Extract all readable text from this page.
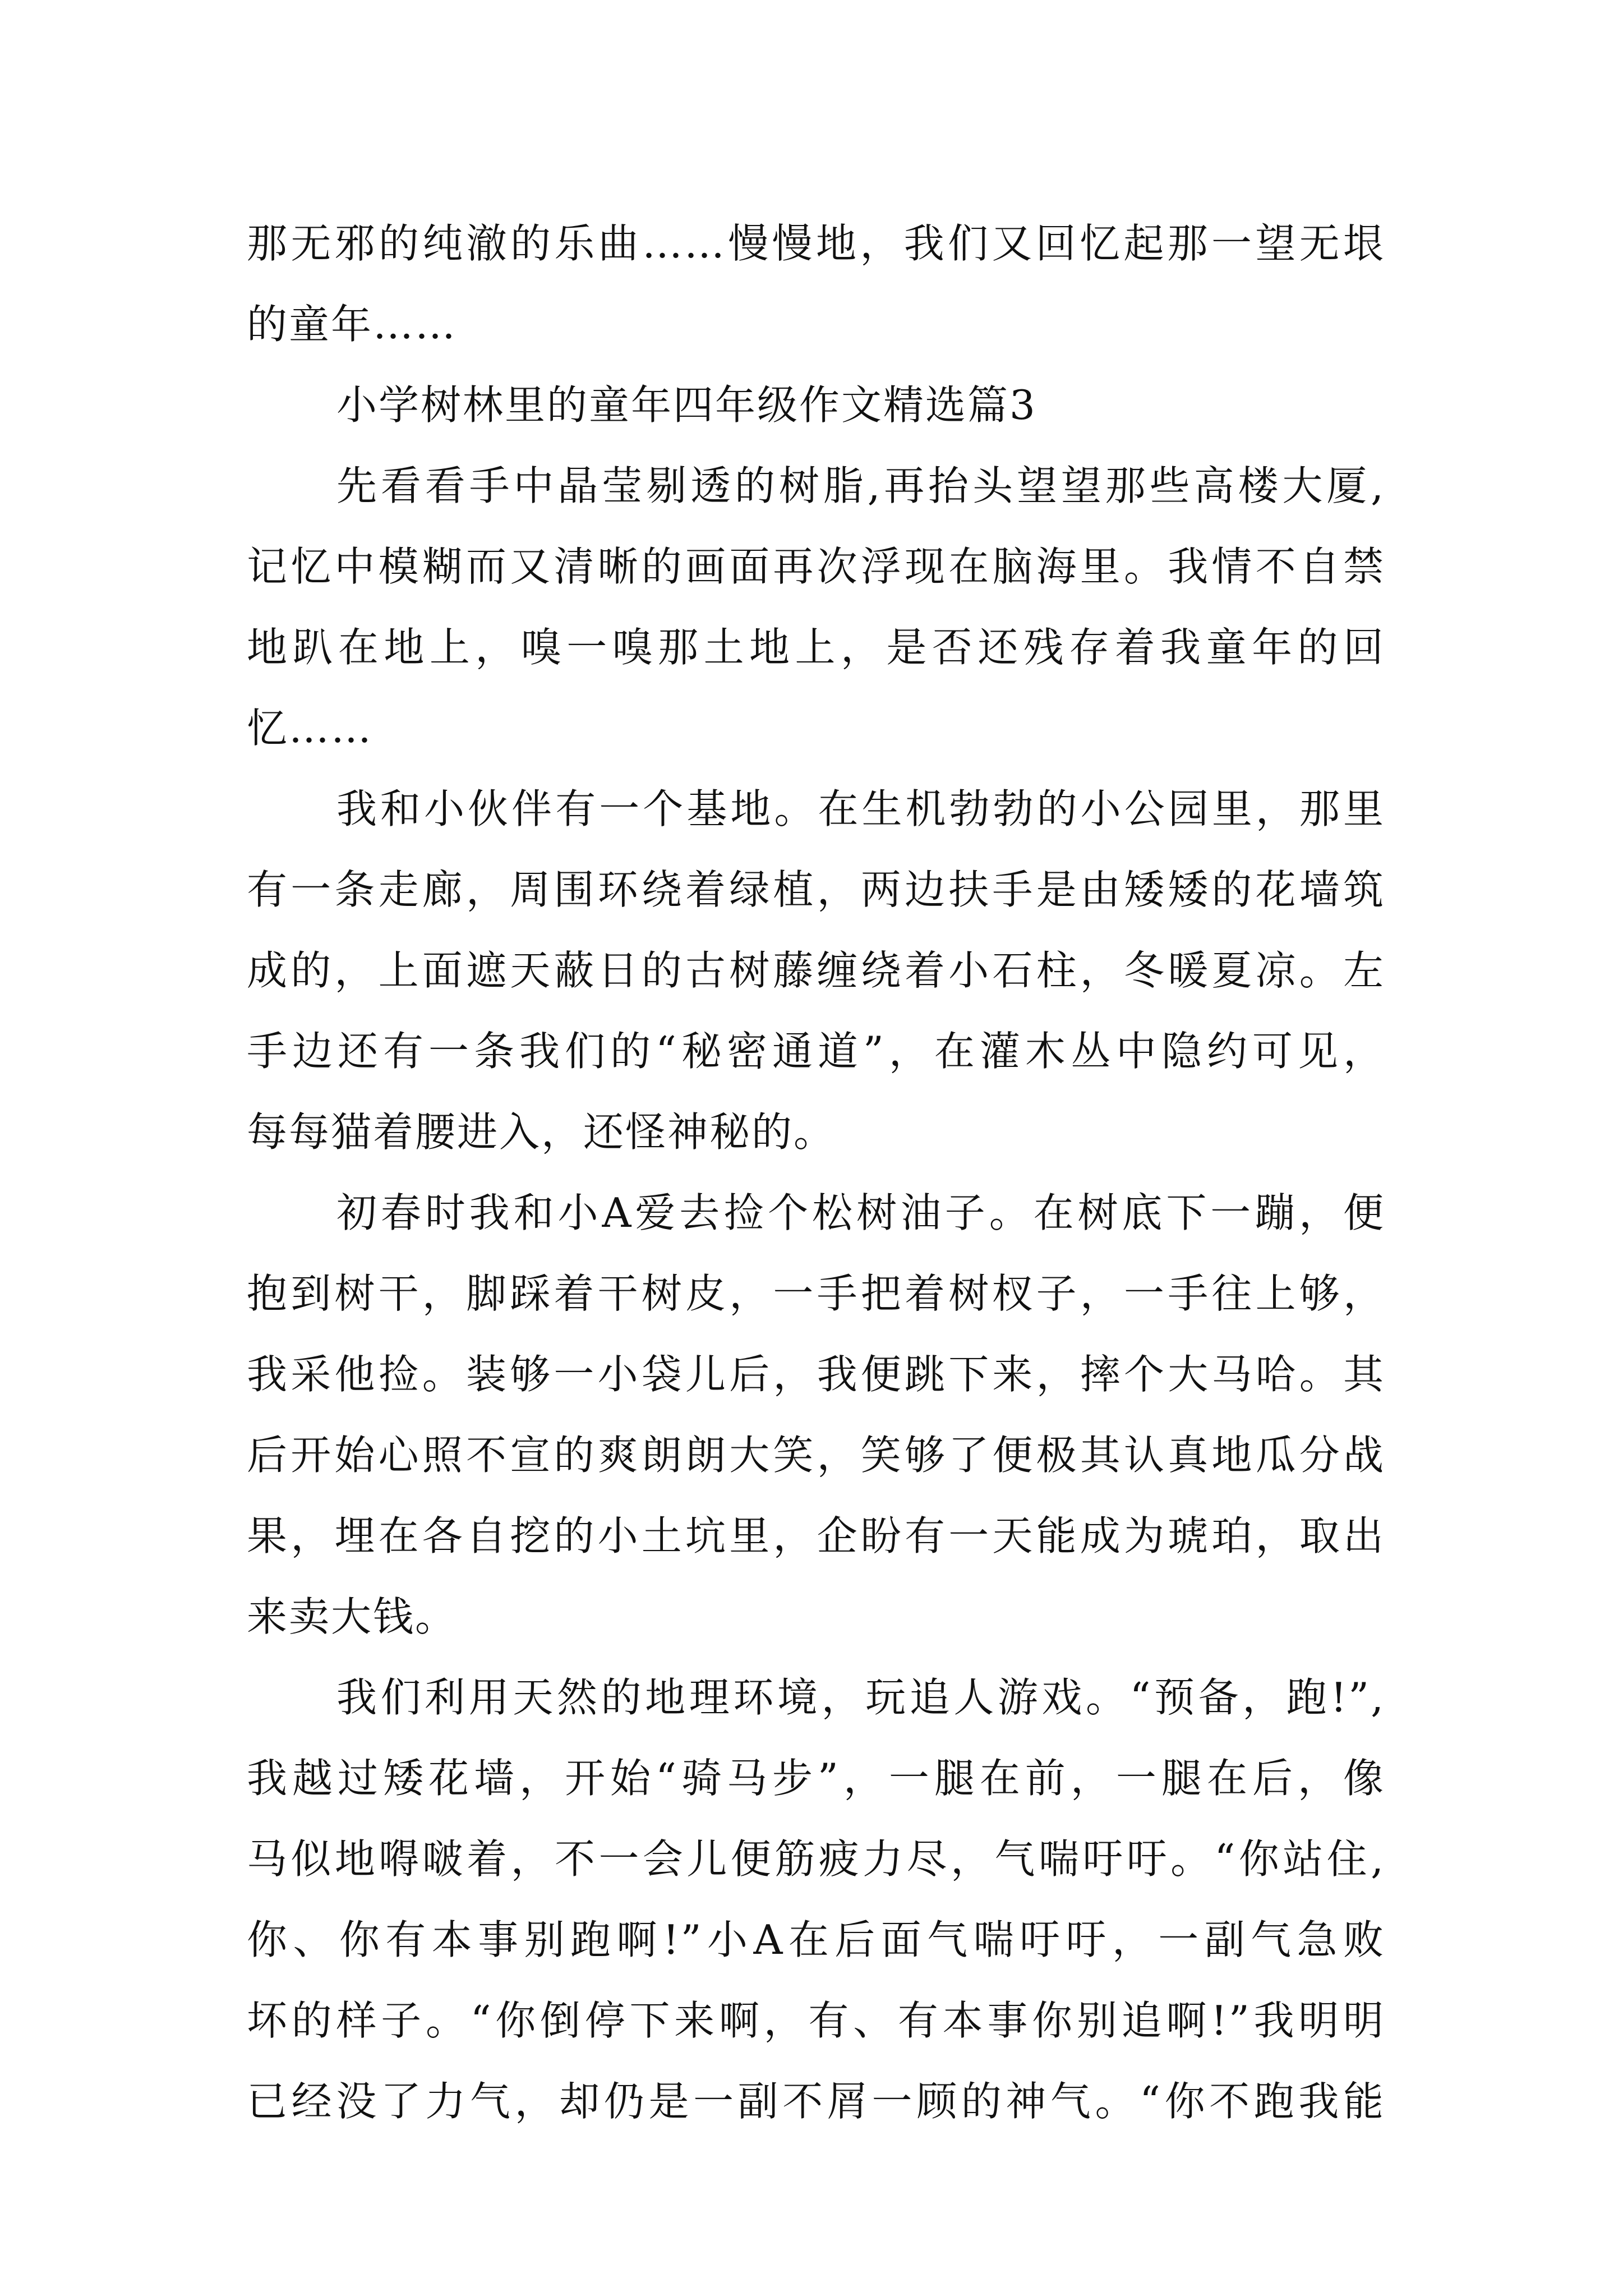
那无邪的纯澈的乐曲……慢慢地，我们又回忆起那一望无垠
的童年……
小学树林里的童年四年级作文精选篇3
先看看手中晶莹剔透的树脂,再抬头望望那些高楼大厦,
记忆中模糊而又清晰的画面再次浮现在脑海里。我情不自禁
地趴在地上，嗅一嗅那土地上，是否还残存着我童年的回
忆……
我和小伙伴有一个基地。在生机勃勃的小公园里，那里
有一条走廊，周围环绕着绿植，两边扶手是由矮矮的花墙筑
成的，上面遮天蔽日的古树藤缠绕着小石柱，冬暖夏凉。左
手边还有一条我们的“秘密通道”，在灌木丛中隐约可见，
每每猫着腰进入，还怪神秘的。
初春时我和小A爱去捡个松树油子。在树底下一蹦，便
抱到树干，脚踩着干树皮，一手把着树杈子，一手往上够，
我采他捡。装够一小袋儿后，我便跳下来，摔个大马哈。其
后开始心照不宣的爽朗朗大笑，笑够了便极其认真地瓜分战
果，埋在各自挖的小土坑里，企盼有一天能成为琥珀，取出
来卖大钱。
我们利用天然的地理环境，玩追人游戏。“预备，跑!”,
我越过矮花墙，开始“骑马步”，一腿在前，一腿在后，像
马似地嘚啵着，不一会儿便筋疲力尽，气喘吁吁。“你站住,
你、你有本事别跑啊!”小A在后面气喘吁吁，一副气急败
坏的样子。“你倒停下来啊，有、有本事你别追啊!”我明明
已经没了力气，却仍是一副不屑一顾的神气。“你不跑我能
